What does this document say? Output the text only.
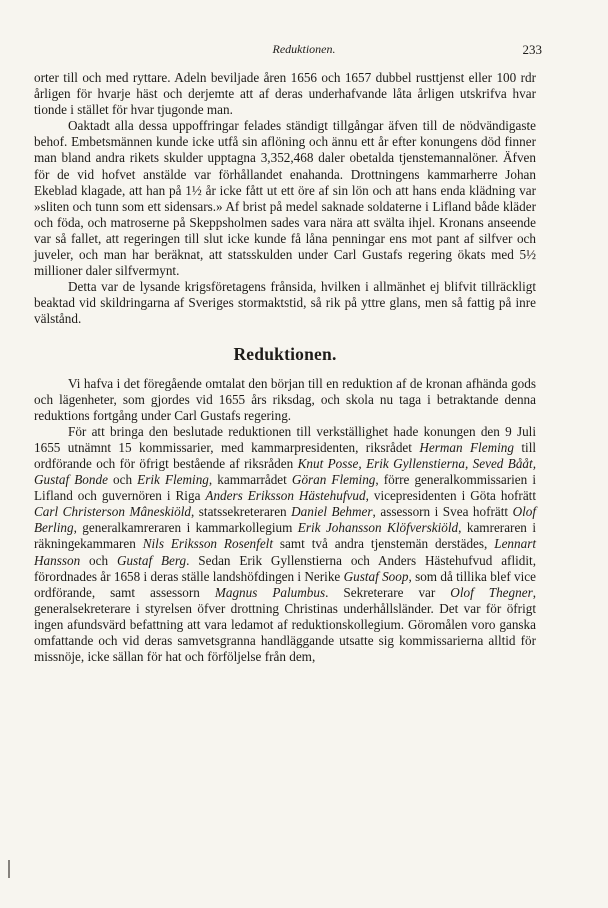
Reduktionen.	233

orter till och med ryttare. Adeln beviljade åren 1656 och 1657 dubbel rusttjenst eller 100 rdr årligen för hvarje häst och derjemte att af deras underhafvande låta årligen utskrifva hvar tionde i stället för hvar tjugonde man.

Oaktadt alla dessa uppoffringar felades ständigt tillgångar äfven till de nödvändigaste behof. Embetsmännen kunde icke utfå sin aflöning och ännu ett år efter konungens död finner man bland andra rikets skulder upptagna 3,352,468 daler obetalda tjenstemannalöner. Äfven för de vid hofvet anstälde var förhållandet enahanda. Drottningens kammarherre Johan Ekeblad klagade, att han på 1½ år icke fått ut ett öre af sin lön och att hans enda klädning var »sliten och tunn som ett sidensars.» Af brist på medel saknade soldaterne i Lifland både kläder och föda, och matroserne på Skeppsholmen sades vara nära att svälta ihjel. Kronans anseende var så fallet, att regeringen till slut icke kunde få låna penningar ens mot pant af silfver och juveler, och man har beräknat, att statsskulden under Carl Gustafs regering ökats med 5½ millioner daler silfvermynt.

Detta var de lysande krigsföretagens frånsida, hvilken i allmänhet ej blifvit tillräckligt beaktad vid skildringarna af Sveriges stormaktstid, så rik på yttre glans, men så fattig på inre välstånd.

Reduktionen.

Vi hafva i det föregående omtalat den början till en reduktion af de kronan afhända gods och lägenheter, som gjordes vid 1655 års riksdag, och skola nu taga i betraktande denna reduktions fortgång under Carl Gustafs regering.

För att bringa den beslutade reduktionen till verkställighet hade konungen den 9 Juli 1655 utnämnt 15 kommissarier, med kammarpresidenten, riksrådet Herman Fleming till ordförande och för öfrigt bestående af riksråden Knut Posse, Erik Gyllenstierna, Seved Bååt, Gustaf Bonde och Erik Fleming, kammarrådet Göran Fleming, förre generalkommissarien i Lifland och guvernören i Riga Anders Eriksson Hästehufvud, vicepresidenten i Göta hofrätt Carl Christerson Mâneskiöld, statssekreteraren Daniel Behmer, assessorn i Svea hofrätt Olof Berling, generalkamreraren i kammarkollegium Erik Johansson Klöfverskiöld, kamreraren i räkningekammaren Nils Eriksson Rosenfelt samt två andra tjenstemän derstädes, Lennart Hansson och Gustaf Berg. Sedan Erik Gyllenstierna och Anders Hästehufvud aflidit, förordnades år 1658 i deras ställe landshöfdingen i Nerike Gustaf Soop, som då tillika blef vice ordförande, samt assessorn Magnus Palumbus. Sekreterare var Olof Thegner, generalsekreterare i styrelsen öfver drottning Christinas underhållsländer. Det var för öfrigt ingen afundsvärd befattning att vara ledamot af reduktionskollegium. Göromålen voro ganska omfattande och vid deras samvetsgranna handläggande utsatte sig kommissarierna alltid för missnöje, icke sällan för hat och förföljelse från dem,
